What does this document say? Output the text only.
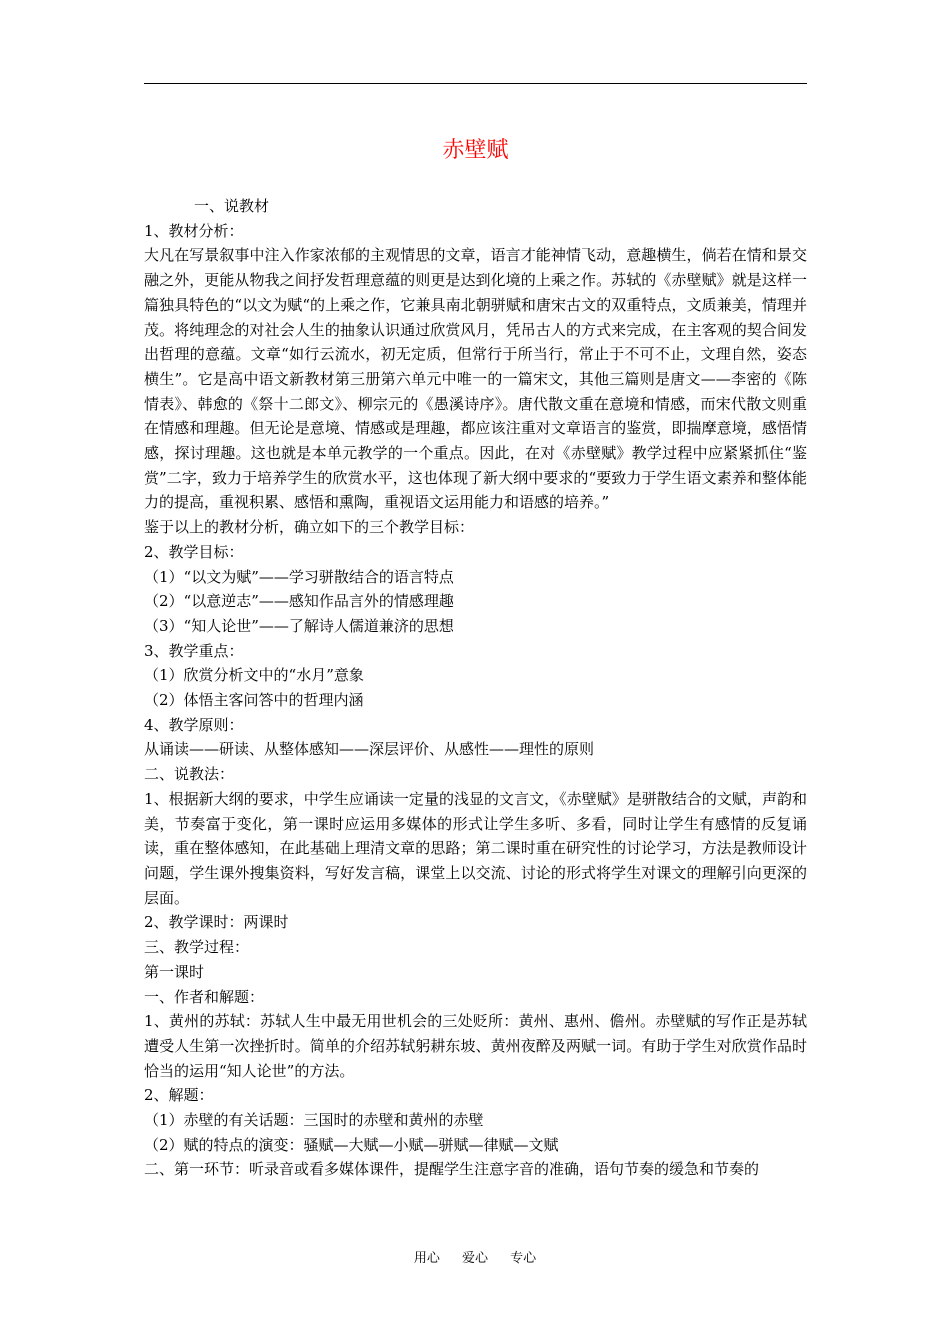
赤壁赋

一、说教材

1、教材分析：

大凡在写景叙事中注入作家浓郁的主观情思的文章，语言才能神情飞动，意趣横生，倘若在情和景交融之外，更能从物我之间抒发哲理意蕴的则更是达到化境的上乘之作。苏轼的《赤壁赋》就是这样一篇独具特色的“以文为赋“的上乘之作，它兼具南北朝骈赋和唐宋古文的双重特点，文质兼美，情理并茂。将纯理念的对社会人生的抽象认识通过欣赏风月，凭吊古人的方式来完成，在主客观的契合间发出哲理的意蕴。文章“如行云流水，初无定质，但常行于所当行，常止于不可不止，文理自然，姿态横生”。它是高中语文新教材第三册第六单元中唯一的一篇宋文，其他三篇则是唐文——李密的《陈情表》、韩愈的《祭十二郎文》、柳宗元的《愚溪诗序》。唐代散文重在意境和情感，而宋代散文则重在情感和理趣。但无论是意境、情感或是理趣，都应该注重对文章语言的鉴赏，即揣摩意境，感悟情感，探讨理趣。这也就是本单元教学的一个重点。因此，在对《赤壁赋》教学过程中应紧紧抓住“鉴赏”二字，致力于培养学生的欣赏水平，这也体现了新大纲中要求的“要致力于学生语文素养和整体能力的提高，重视积累、感悟和熏陶，重视语文运用能力和语感的培养。”

鉴于以上的教材分析，确立如下的三个教学目标：

2、教学目标：

（1）“以文为赋”——学习骈散结合的语言特点

（2）“以意逆志”——感知作品言外的情感理趣

（3）“知人论世”——了解诗人儒道兼济的思想

3、教学重点：

（1）欣赏分析文中的“水月”意象

（2）体悟主客问答中的哲理内涵

4、教学原则：

从诵读——研读、从整体感知——深层评价、从感性——理性的原则

二、说教法：

1、根据新大纲的要求，中学生应诵读一定量的浅显的文言文，《赤壁赋》是骈散结合的文赋，声韵和美，节奏富于变化，第一课时应运用多媒体的形式让学生多听、多看，同时让学生有感情的反复诵读，重在整体感知，在此基础上理清文章的思路；第二课时重在研究性的讨论学习，方法是教师设计问题，学生课外搜集资料，写好发言稿，课堂上以交流、讨论的形式将学生对课文的理解引向更深的层面。

2、教学课时：两课时

三、教学过程：

第一课时

一、作者和解题：

1、黄州的苏轼：苏轼人生中最无用世机会的三处贬所：黄州、惠州、儋州。赤壁赋的写作正是苏轼遭受人生第一次挫折时。简单的介绍苏轼躬耕东坡、黄州夜醉及两赋一词。有助于学生对欣赏作品时恰当的运用“知人论世”的方法。

2、解题：

（1）赤壁的有关话题：三国时的赤壁和黄州的赤壁

（2）赋的特点的演变：骚赋—大赋—小赋—骈赋—律赋—文赋

二、第一环节：听录音或看多媒体课件，提醒学生注意字音的准确，语句节奏的缓急和节奏的

用心 爱心 专心
